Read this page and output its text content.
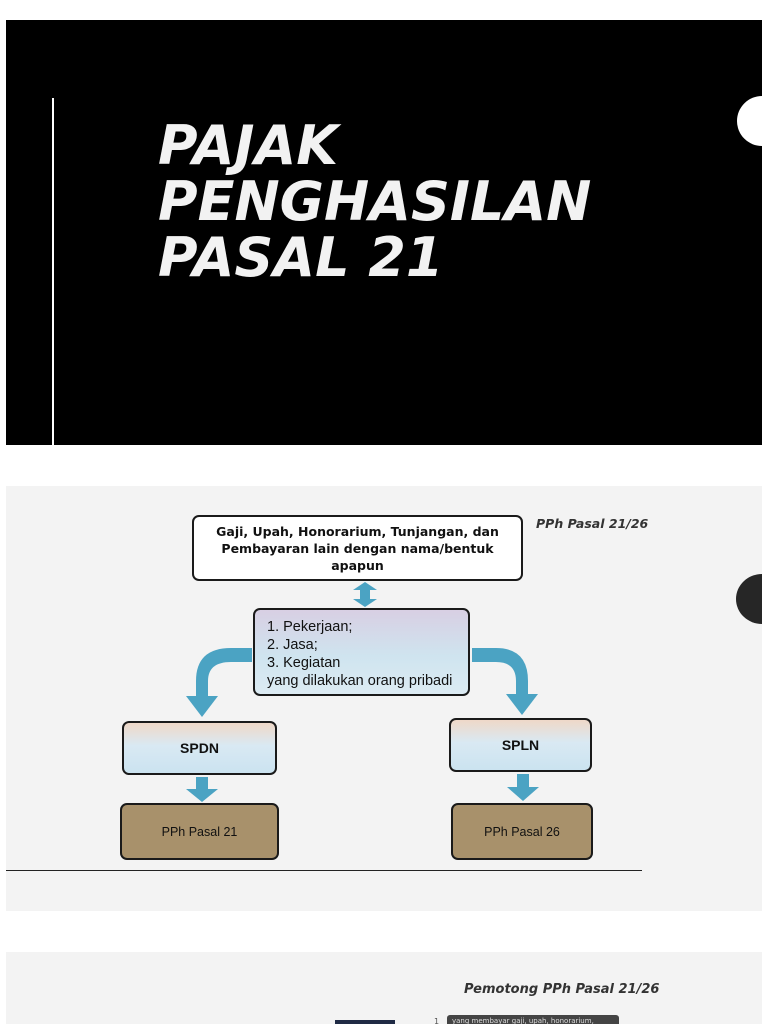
PAJAK
PENGHASILAN
PASAL 21
PPh Pasal 21/26
Gaji, Upah, Honorarium, Tunjangan, dan Pembayaran lain dengan nama/bentuk apapun
1. Pekerjaan;
2. Jasa;
3. Kegiatan
yang dilakukan orang pribadi
SPDN	SPLN
PPh Pasal 21	PPh Pasal 26
Pemotong PPh Pasal 21/26
1	yang membayar gaji, upah, honorarium,
